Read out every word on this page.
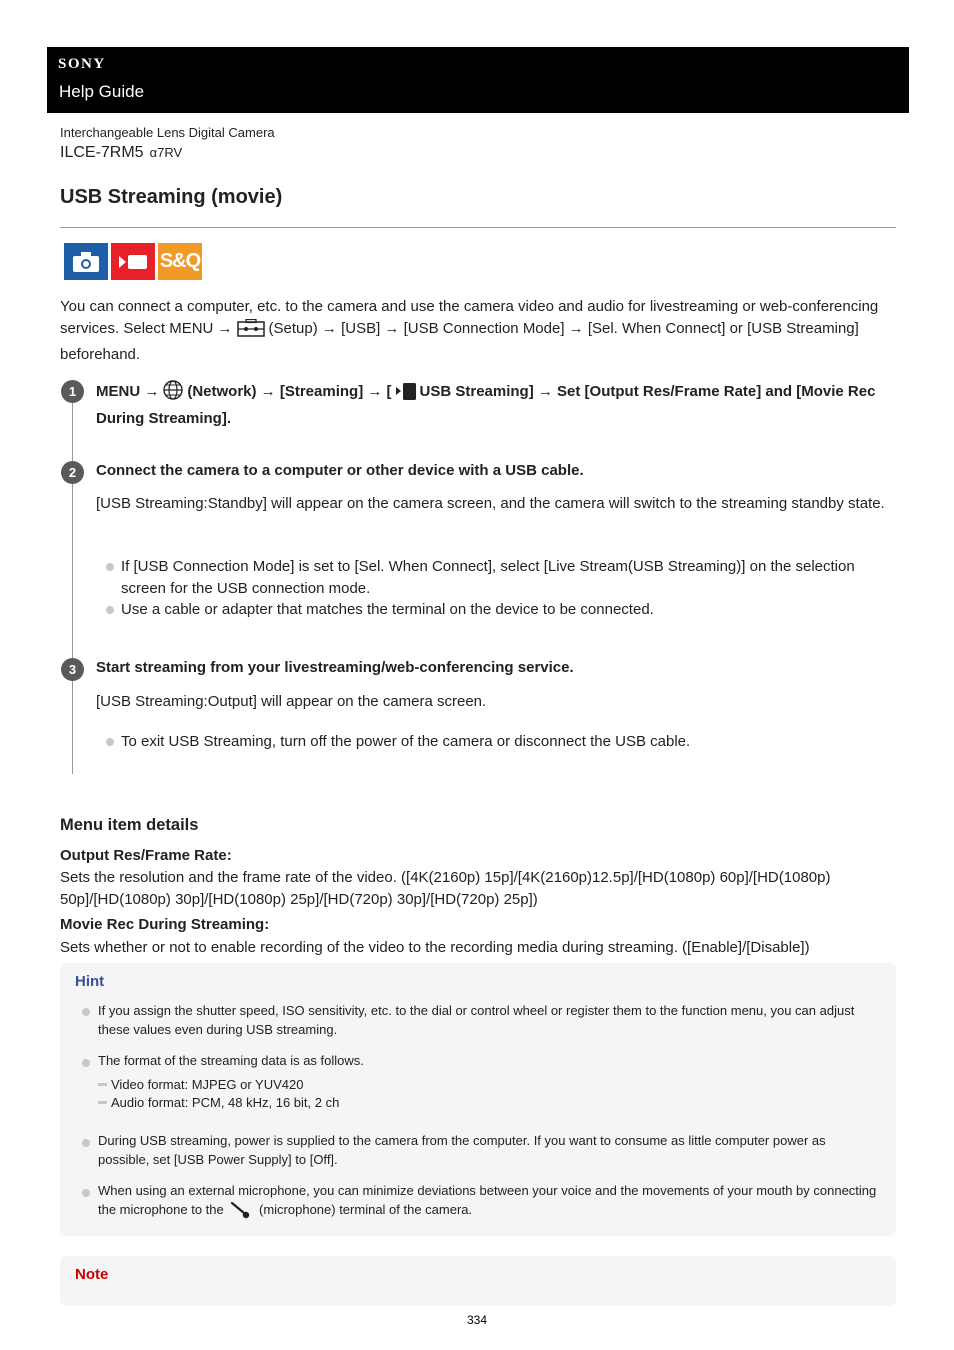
SONY
Help Guide
Interchangeable Lens Digital Camera
ILCE-7RM5 α7RV
USB Streaming (movie)
S&Q

You can connect a computer, etc. to the camera and use the camera video and audio for livestreaming or web-conferencing services. Select MENU → (Setup) → [USB] → [USB Connection Mode] → [Sel. When Connect] or [USB Streaming] beforehand.

1	MENU → (Network) → [Streaming] → [ USB Streaming] → Set [Output Res/Frame Rate] and [Movie Rec During Streaming].

2	Connect the camera to a computer or other device with a USB cable.

[USB Streaming:Standby] will appear on the camera screen, and the camera will switch to the streaming standby state.

If [USB Connection Mode] is set to [Sel. When Connect], select [Live Stream(USB Streaming)] on the selection screen for the USB connection mode.
Use a cable or adapter that matches the terminal on the device to be connected.
3	Start streaming from your livestreaming/web-conferencing service.

[USB Streaming:Output] will appear on the camera screen.

To exit USB Streaming, turn off the power of the camera or disconnect the USB cable.
Menu item details
Output Res/Frame Rate:

Sets the resolution and the frame rate of the video. ([4K(2160p) 15p]/[4K(2160p)12.5p]/[HD(1080p) 60p]/[HD(1080p) 50p]/[HD(1080p) 30p]/[HD(1080p) 25p]/[HD(720p) 30p]/[HD(720p) 25p])

Movie Rec During Streaming:

Sets whether or not to enable recording of the video to the recording media during streaming. ([Enable]/[Disable])

Hint

If you assign the shutter speed, ISO sensitivity, etc. to the dial or control wheel or register them to the function menu, you can adjust these values even during USB streaming.

The format of the streaming data is as follows.

Video format: MJPEG or YUV420
Audio format: PCM, 48 kHz, 16 bit, 2 ch

During USB streaming, power is supplied to the camera from the computer. If you want to consume as little computer power as possible, set [USB Power Supply] to [Off].

When using an external microphone, you can minimize deviations between your voice and the movements of your mouth by connecting the microphone to the	(microphone) terminal of the camera.

Note
334
